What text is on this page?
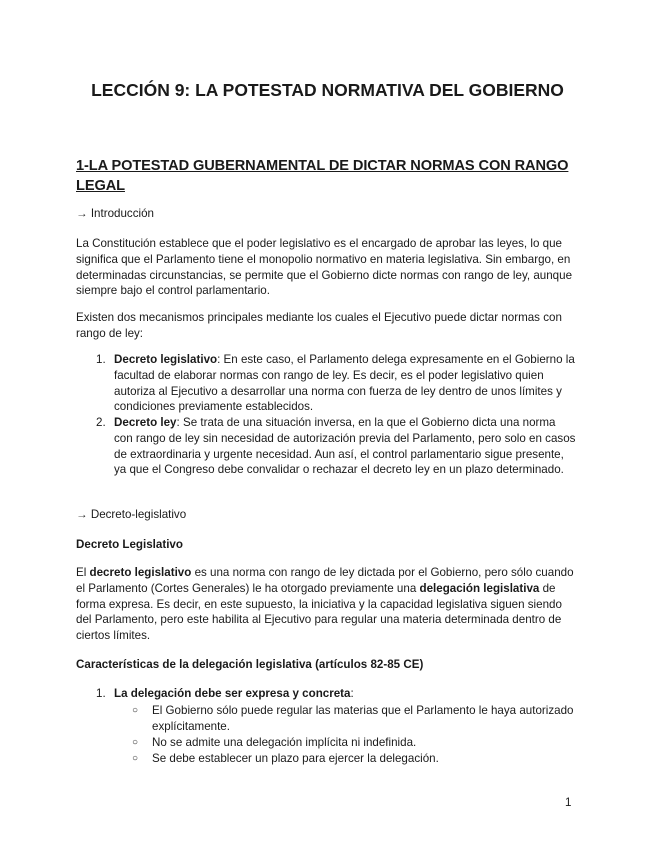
LECCIÓN 9: LA POTESTAD NORMATIVA DEL GOBIERNO
1-LA POTESTAD GUBERNAMENTAL DE DICTAR NORMAS CON RANGO LEGAL

→ Introducción

La Constitución establece que el poder legislativo es el encargado de aprobar las leyes, lo que significa que el Parlamento tiene el monopolio normativo en materia legislativa. Sin embargo, en determinadas circunstancias, se permite que el Gobierno dicte normas con rango de ley, aunque siempre bajo el control parlamentario.

Existen dos mecanismos principales mediante los cuales el Ejecutivo puede dictar normas con rango de ley:

1. Decreto legislativo: En este caso, el Parlamento delega expresamente en el Gobierno la facultad de elaborar normas con rango de ley. Es decir, es el poder legislativo quien autoriza al Ejecutivo a desarrollar una norma con fuerza de ley dentro de unos límites y condiciones previamente establecidos.
2. Decreto ley: Se trata de una situación inversa, en la que el Gobierno dicta una norma con rango de ley sin necesidad de autorización previa del Parlamento, pero solo en casos de extraordinaria y urgente necesidad. Aun así, el control parlamentario sigue presente, ya que el Congreso debe convalidar o rechazar el decreto ley en un plazo determinado.

→ Decreto-legislativo

Decreto Legislativo

El decreto legislativo es una norma con rango de ley dictada por el Gobierno, pero sólo cuando el Parlamento (Cortes Generales) le ha otorgado previamente una delegación legislativa de forma expresa. Es decir, en este supuesto, la iniciativa y la capacidad legislativa siguen siendo del Parlamento, pero este habilita al Ejecutivo para regular una materia determinada dentro de ciertos límites.

Características de la delegación legislativa (artículos 82-85 CE)

1. La delegación debe ser expresa y concreta:
○ El Gobierno sólo puede regular las materias que el Parlamento le haya autorizado explícitamente.
○ No se admite una delegación implícita ni indefinida.
○ Se debe establecer un plazo para ejercer la delegación.
1
